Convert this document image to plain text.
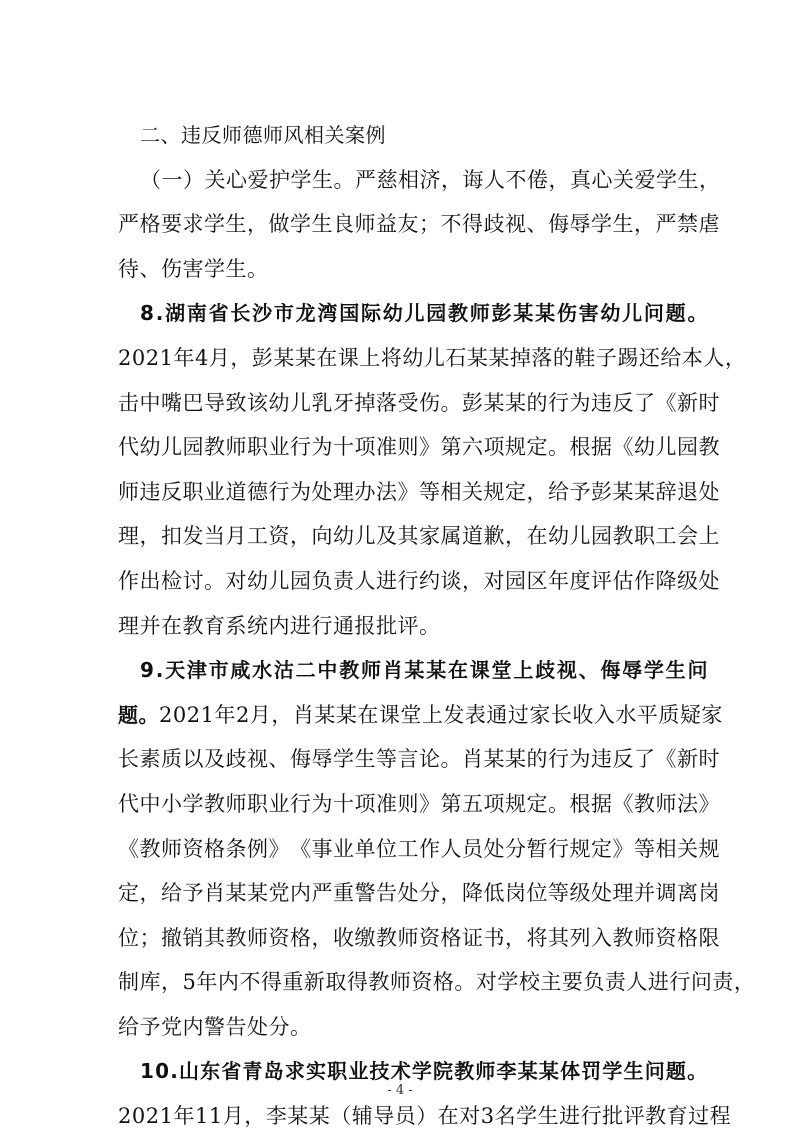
二、违反师德师风相关案例
（ 一 ） 关 心 爱 护 学 生 。 严 慈 相 济 ， 诲 人 不 倦 ， 真 心 关 爱 学 生 ，
严 格 要 求 学 生 ， 做 学 生 良 师 益 友 ； 不 得 歧 视 、 侮 辱 学 生 ， 严 禁 虐
待、伤害学生。
8 . 湖 南 省 长 沙 市 龙 湾 国 际 幼 儿 园 教 师 彭 某 某 伤 害 幼 儿 问 题 。
2 0 2 1 年 4 月 ， 彭 某 某 在 课 上 将 幼 儿 石 某 某 掉 落 的 鞋 子 踢 还 给 本 人 ，
击 中 嘴 巴 导 致 该 幼 儿 乳 牙 掉 落 受 伤 。 彭 某 某 的 行 为 违 反 了 《 新 时
代 幼 儿 园 教 师 职 业 行 为 十 项 准 则 》 第 六 项 规 定 。 根 据 《 幼 儿 园 教
师 违 反 职 业 道 德 行 为 处 理 办 法 》 等 相 关 规 定 ， 给 予 彭 某 某 辞 退 处
理 ， 扣 发 当 月 工 资 ， 向 幼 儿 及 其 家 属 道 歉 ， 在 幼 儿 园 教 职 工 会 上
作 出 检 讨 。 对 幼 儿 园 负 责 人 进 行 约 谈 ， 对 园 区 年 度 评 估 作 降 级 处
理并在教育系统内进行通报批评。
9 . 天 津 市 咸 水 沽 二 中 教 师 肖 某 某 在 课 堂 上 歧 视 、 侮 辱 学 生 问
题 。 2 0 2 1 年 2 月 ， 肖 某 某 在 课 堂 上 发 表 通 过 家 长 收 入 水 平 质 疑 家
长 素 质 以 及 歧 视 、 侮 辱 学 生 等 言 论 。 肖 某 某 的 行 为 违 反 了 《 新 时
代 中 小 学 教 师 职 业 行 为 十 项 准 则 》 第 五 项 规 定 。 根 据 《 教 师 法 》
《 教 师 资 格 条 例 》 《 事 业 单 位 工 作 人 员 处 分 暂 行 规 定 》 等 相 关 规
定 ， 给 予 肖 某 某 党 内 严 重 警 告 处 分 ， 降 低 岗 位 等 级 处 理 并 调 离 岗
位 ； 撤 销 其 教 师 资 格 ， 收 缴 教 师 资 格 证 书 ， 将 其 列 入 教 师 资 格 限
制 库 ， 5 年 内 不 得 重 新 取 得 教 师 资 格 。 对 学 校 主 要 负 责 人 进 行 问 责 ，
给予党内警告处分。
1 0 . 山 东 省 青 岛 求 实 职 业 技 术 学 院 教 师 李 某 某 体 罚 学 生 问 题 。
2 0 2 1 年 1 1 月 ， 李 某 某 （ 辅 导 员 ） 在 对 3 名 学 生 进 行 批 评 教 育 过 程
- 4 -
